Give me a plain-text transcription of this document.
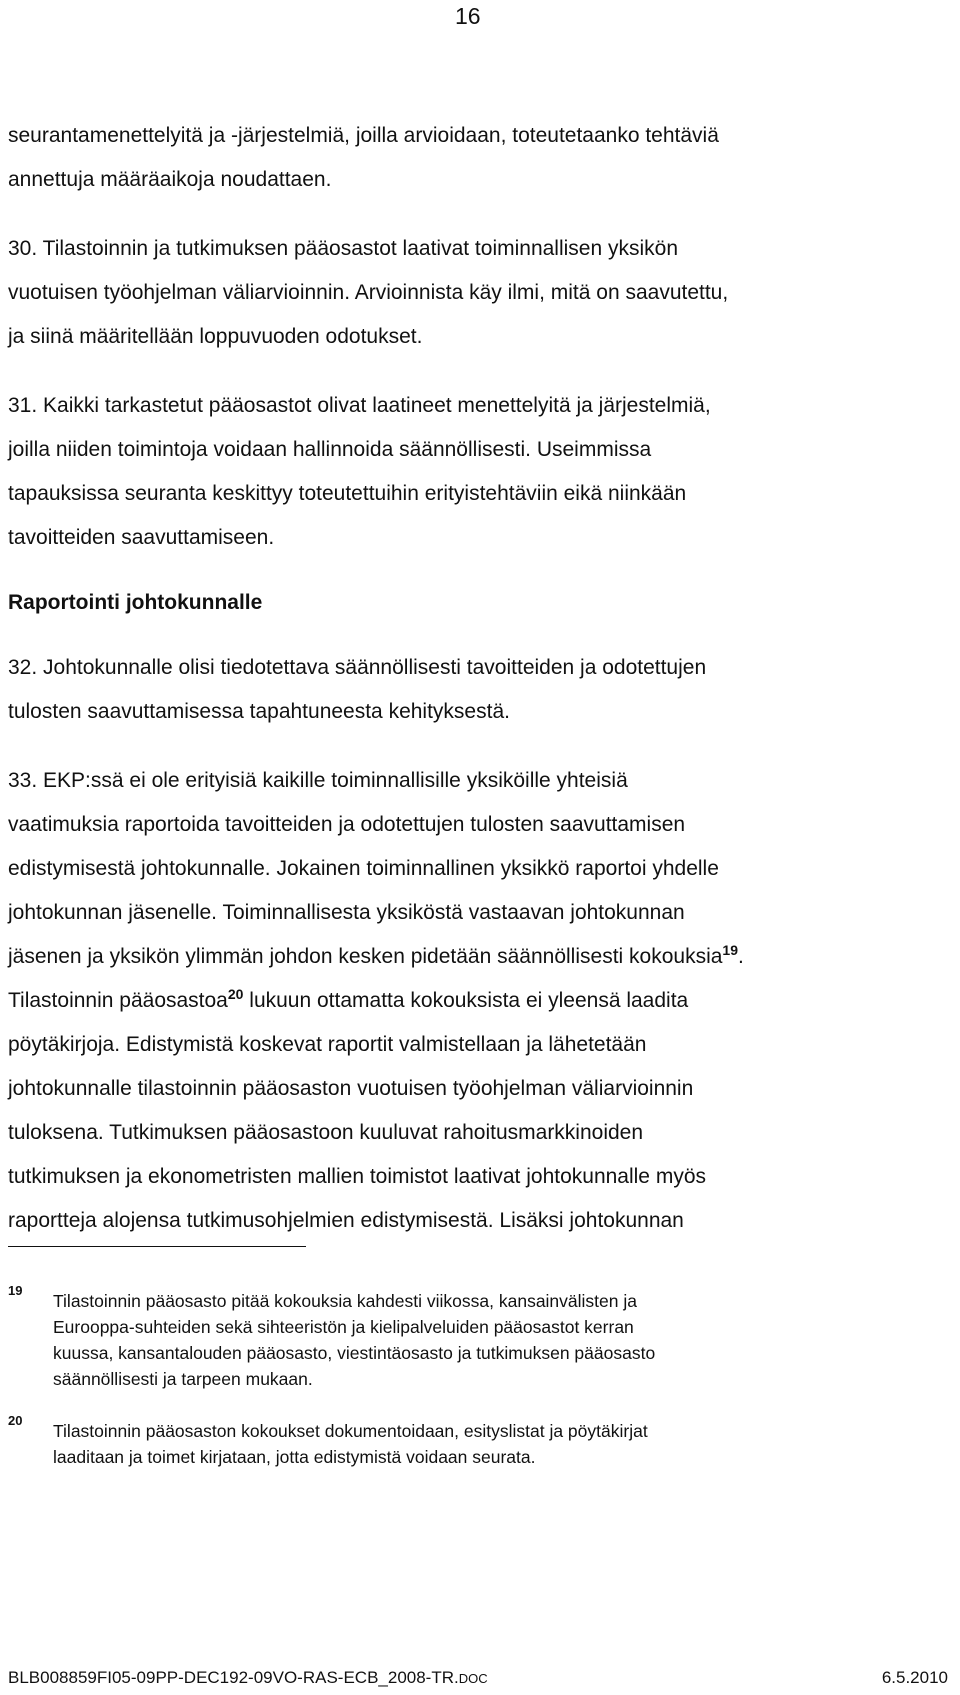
16

seurantamenettelyitä ja -järjestelmiä, joilla arvioidaan, toteutetaanko tehtäviä
annettuja määräaikoja noudattaen.

30. Tilastoinnin ja tutkimuksen pääosastot laativat toiminnallisen yksikön
vuotuisen työohjelman väliarvioinnin. Arvioinnista käy ilmi, mitä on saavutettu,
ja siinä määritellään loppuvuoden odotukset.

31. Kaikki tarkastetut pääosastot olivat laatineet menettelyitä ja järjestelmiä,
joilla niiden toimintoja voidaan hallinnoida säännöllisesti. Useimmissa
tapauksissa seuranta keskittyy toteutettuihin erityistehtäviin eikä niinkään
tavoitteiden saavuttamiseen.

Raportointi johtokunnalle

32. Johtokunnalle olisi tiedotettava säännöllisesti tavoitteiden ja odotettujen
tulosten saavuttamisessa tapahtuneesta kehityksestä.

33. EKP:ssä ei ole erityisiä kaikille toiminnallisille yksiköille yhteisiä
vaatimuksia raportoida tavoitteiden ja odotettujen tulosten saavuttamisen
edistymisestä johtokunnalle. Jokainen toiminnallinen yksikkö raportoi yhdelle
johtokunnan jäsenelle. Toiminnallisesta yksiköstä vastaavan johtokunnan
jäsenen ja yksikön ylimmän johdon kesken pidetään säännöllisesti kokouksia$^{19}$.
Tilastoinnin pääosastoa$^{20}$ lukuun ottamatta kokouksista ei yleensä laadita
pöytäkirjoja. Edistymistä koskevat raportit valmistellaan ja lähetetään
johtokunnalle tilastoinnin pääosaston vuotuisen työohjelman väliarvioinnin
tuloksena. Tutkimuksen pääosastoon kuuluvat rahoitusmarkkinoiden
tutkimuksen ja ekonometristen mallien toimistot laativat johtokunnalle myös
raportteja alojensa tutkimusohjelmien edistymisestä. Lisäksi johtokunnan

19
Tilastoinnin pääosasto pitää kokouksia kahdesti viikossa, kansainvälisten ja
Eurooppa-suhteiden sekä sihteeristön ja kielipalveluiden pääosastot kerran
kuussa, kansantalouden pääosasto, viestintäosasto ja tutkimuksen pääosasto
säännöllisesti ja tarpeen mukaan.
20
Tilastoinnin pääosaston kokoukset dokumentoidaan, esityslistat ja pöytäkirjat
laaditaan ja toimet kirjataan, jotta edistymistä voidaan seurata.
BLB008859FI05-09PP-DEC192-09VO-RAS-ECB_2008-TR.DOC	6.5.2010
